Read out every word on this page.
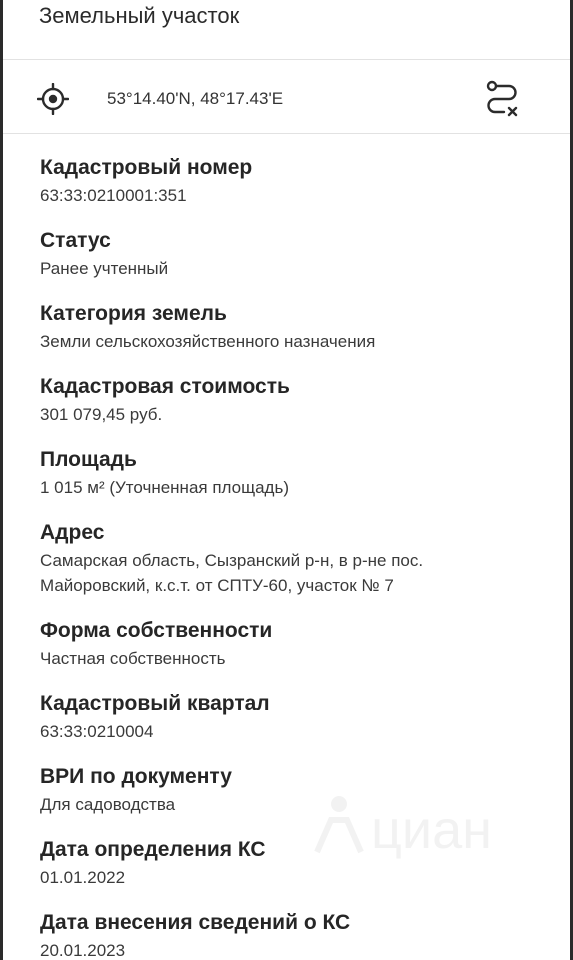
Земельный участок
53°14.40'N, 48°17.43'E
Кадастровый номер
63:33:0210001:351
Статус
Ранее учтенный
Категория земель
Земли сельскохозяйственного назначения
Кадастровая стоимость
301 079,45 руб.
Площадь
1 015 м² (Уточненная площадь)
Адрес
Самарская область, Сызранский р-н, в р-не пос. Майоровский, к.с.т. от СПТУ-60, участок № 7
Форма собственности
Частная собственность
Кадастровый квартал
63:33:0210004
ВРИ по документу
Для садоводства
Дата определения КС
01.01.2022
Дата внесения сведений о КС
20.01.2023
циан
